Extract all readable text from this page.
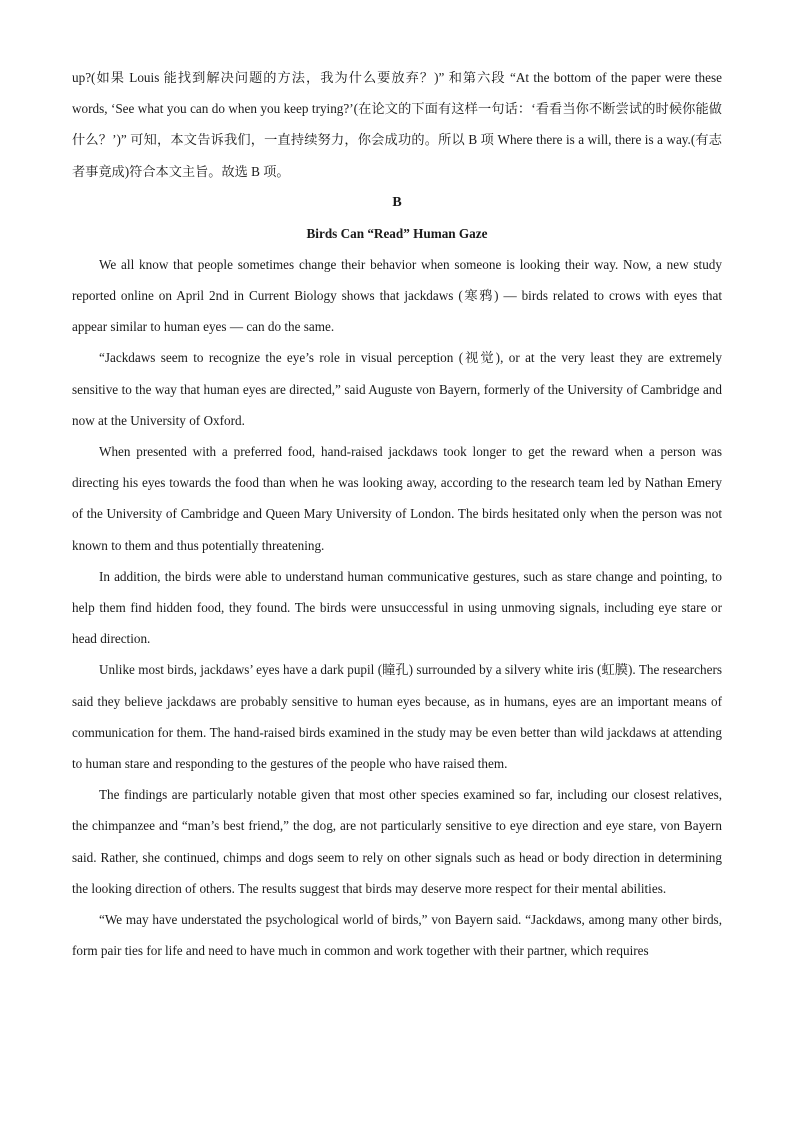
up?(如果 Louis 能找到解决问题的方法，我为什么要放弃？)” 和第六段 “At the bottom of the paper were these words, ‘See what you can do when you keep trying?’(在论文的下面有这样一句话：‘看看当你不断尝试的时候你能做什么？’)” 可知，本文告诉我们，一直持续努力，你会成功的。所以 B 项 Where there is a will, there is a way.(有志者事竟成)符合本文主旨。故选 B 项。

B

Birds Can “Read” Human Gaze

We all know that people sometimes change their behavior when someone is looking their way. Now, a new study reported online on April 2nd in Current Biology shows that jackdaws (寒鸦) — birds related to crows with eyes that appear similar to human eyes — can do the same.

“Jackdaws seem to recognize the eye’s role in visual perception (视觉), or at the very least they are extremely sensitive to the way that human eyes are directed,” said Auguste von Bayern, formerly of the University of Cambridge and now at the University of Oxford.

When presented with a preferred food, hand-raised jackdaws took longer to get the reward when a person was directing his eyes towards the food than when he was looking away, according to the research team led by Nathan Emery of the University of Cambridge and Queen Mary University of London. The birds hesitated only when the person was not known to them and thus potentially threatening.

In addition, the birds were able to understand human communicative gestures, such as stare change and pointing, to help them find hidden food, they found. The birds were unsuccessful in using unmoving signals, including eye stare or head direction.

Unlike most birds, jackdaws’ eyes have a dark pupil (瞳孔) surrounded by a silvery white iris (虹膜). The researchers said they believe jackdaws are probably sensitive to human eyes because, as in humans, eyes are an important means of communication for them. The hand-raised birds examined in the study may be even better than wild jackdaws at attending to human stare and responding to the gestures of the people who have raised them.

The findings are particularly notable given that most other species examined so far, including our closest relatives, the chimpanzee and “man’s best friend,” the dog, are not particularly sensitive to eye direction and eye stare, von Bayern said. Rather, she continued, chimps and dogs seem to rely on other signals such as head or body direction in determining the looking direction of others. The results suggest that birds may deserve more respect for their mental abilities.

“We may have understated the psychological world of birds,” von Bayern said. “Jackdaws, among many other birds, form pair ties for life and need to have much in common and work together with their partner, which requires
